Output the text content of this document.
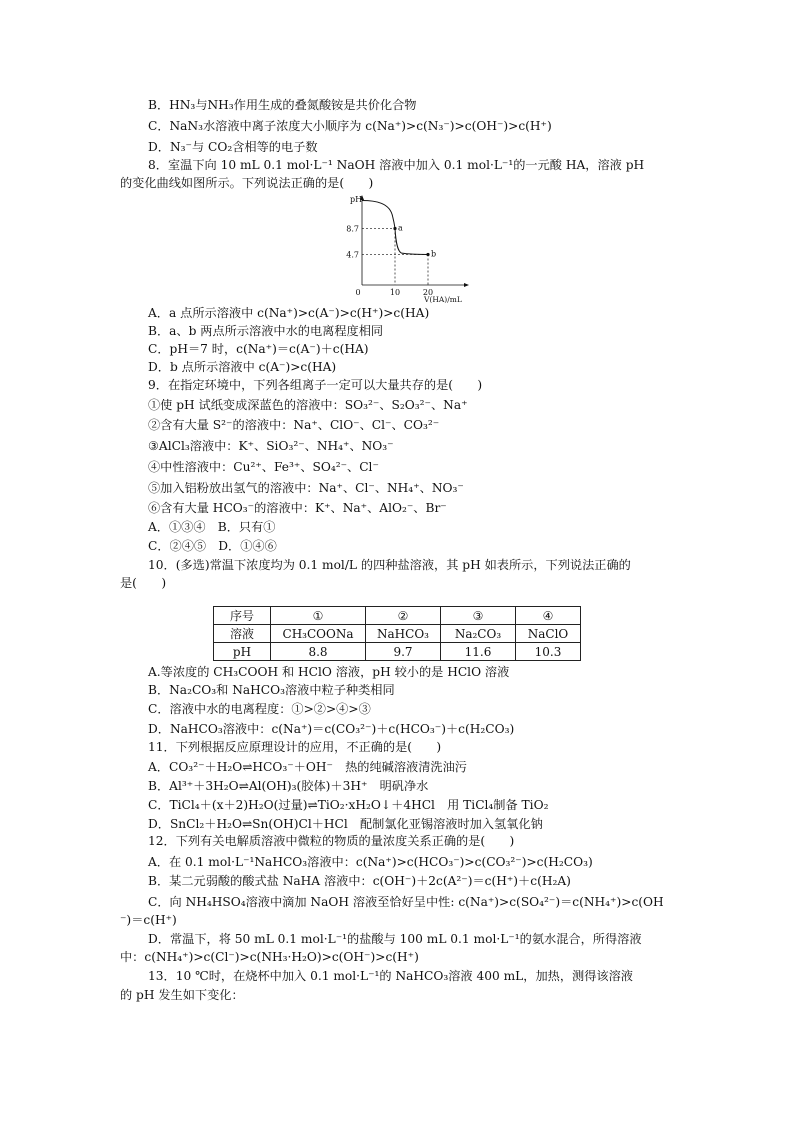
B．HN₃与NH₃作用生成的叠氮酸铵是共价化合物
C．NaN₃水溶液中离子浓度大小顺序为 c(Na⁺)>c(N₃⁻)>c(OH⁻)>c(H⁺)
D．N₃⁻与 CO₂含相等的电子数
8．室温下向 10 mL 0.1 mol·L⁻¹ NaOH 溶液中加入 0.1 mol·L⁻¹的一元酸 HA，溶液 pH
的变化曲线如图所示。下列说法正确的是(　　)
pH
8.7
4.7
0	10	20
V(HA)/mL
a
b
A．a 点所示溶液中 c(Na⁺)>c(A⁻)>c(H⁺)>c(HA)
B．a、b 两点所示溶液中水的电离程度相同
C．pH＝7 时，c(Na⁺)＝c(A⁻)＋c(HA)
D．b 点所示溶液中 c(A⁻)>c(HA)
9．在指定环境中，下列各组离子一定可以大量共存的是(　　)
①使 pH 试纸变成深蓝色的溶液中：SO₃²⁻、S₂O₃²⁻、Na⁺
②含有大量 S²⁻的溶液中：Na⁺、ClO⁻、Cl⁻、CO₃²⁻
③AlCl₃溶液中：K⁺、SiO₃²⁻、NH₄⁺、NO₃⁻
④中性溶液中：Cu²⁺、Fe³⁺、SO₄²⁻、Cl⁻
⑤加入铝粉放出氢气的溶液中：Na⁺、Cl⁻、NH₄⁺、NO₃⁻
⑥含有大量 HCO₃⁻的溶液中：K⁺、Na⁺、AlO₂⁻、Br⁻
A．①③④　B．只有①
C．②④⑤　D．①④⑥
10．(多选)常温下浓度均为 0.1 mol/L 的四种盐溶液，其 pH 如表所示，下列说法正确的
是(　　)
序号	①	②	③	④
溶液	CH₃COONa	NaHCO₃	Na₂CO₃	NaClO
pH	8.8	9.7	11.6	10.3
A.等浓度的 CH₃COOH 和 HClO 溶液，pH 较小的是 HClO 溶液
B．Na₂CO₃和 NaHCO₃溶液中粒子种类相同
C．溶液中水的电离程度：①>②>④>③
D．NaHCO₃溶液中：c(Na⁺)＝c(CO₃²⁻)＋c(HCO₃⁻)＋c(H₂CO₃)
11．下列根据反应原理设计的应用，不正确的是(　　)
A．CO₃²⁻＋H₂O⇌HCO₃⁻＋OH⁻　热的纯碱溶液清洗油污
B．Al³⁺＋3H₂O⇌Al(OH)₃(胶体)＋3H⁺　明矾净水
C．TiCl₄＋(x＋2)H₂O(过量)⇌TiO₂·xH₂O↓＋4HCl　用 TiCl₄制备 TiO₂
D．SnCl₂＋H₂O⇌Sn(OH)Cl＋HCl　配制氯化亚锡溶液时加入氢氧化钠
12．下列有关电解质溶液中微粒的物质的量浓度关系正确的是(　　)
A．在 0.1 mol·L⁻¹NaHCO₃溶液中：c(Na⁺)>c(HCO₃⁻)>c(CO₃²⁻)>c(H₂CO₃)
B．某二元弱酸的酸式盐 NaHA 溶液中：c(OH⁻)＋2c(A²⁻)＝c(H⁺)＋c(H₂A)
C．向 NH₄HSO₄溶液中滴加 NaOH 溶液至恰好呈中性: c(Na⁺)>c(SO₄²⁻)＝c(NH₄⁺)>c(OH
⁻)＝c(H⁺)
D．常温下，将 50 mL 0.1 mol·L⁻¹的盐酸与 100 mL 0.1 mol·L⁻¹的氨水混合，所得溶液
中：c(NH₄⁺)>c(Cl⁻)>c(NH₃·H₂O)>c(OH⁻)>c(H⁺)
13．10 ℃时，在烧杯中加入 0.1 mol·L⁻¹的 NaHCO₃溶液 400 mL，加热，测得该溶液
的 pH 发生如下变化：
